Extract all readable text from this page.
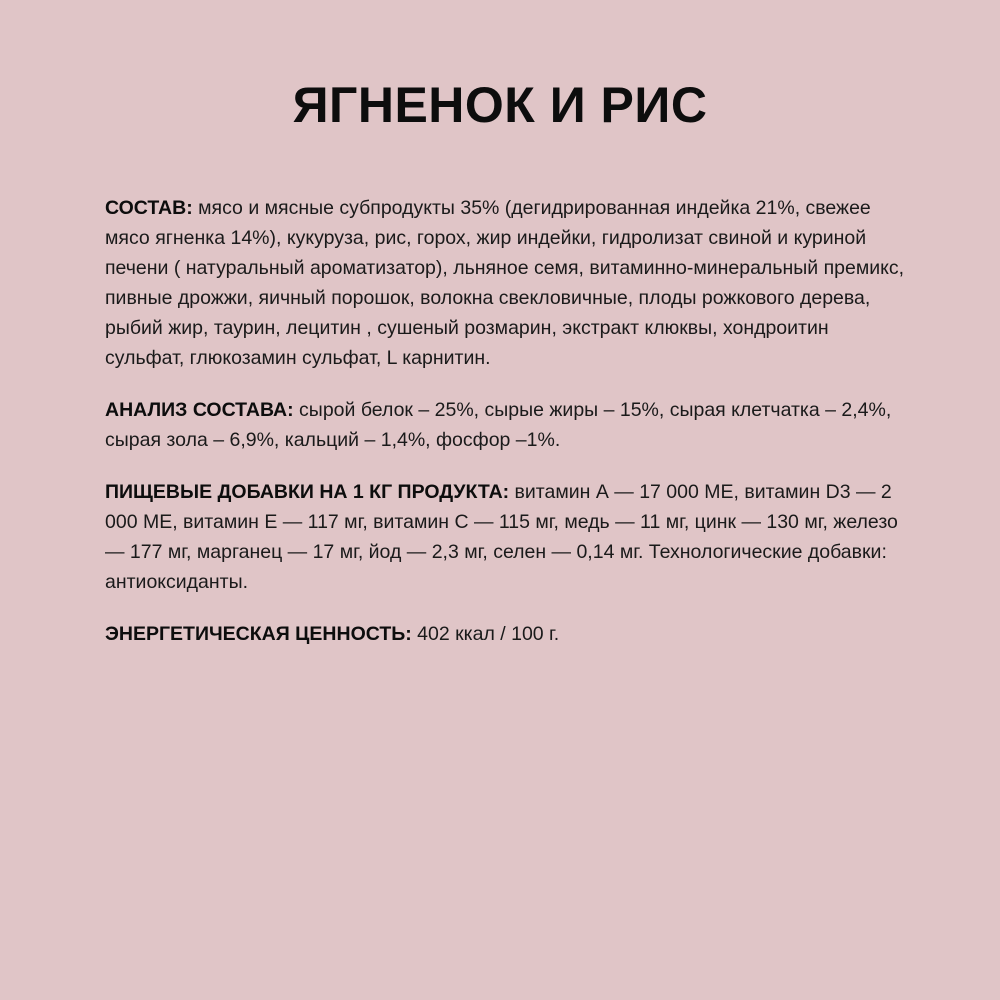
ЯГНЕНОК И РИС

СОСТАВ: мясо и мясные субпродукты 35% (дегидрированная индейка 21%, свежее мясо ягненка 14%), кукуруза, рис, горох, жир индейки, гидролизат свиной и куриной печени ( натуральный ароматизатор), льняное семя, витаминно-минеральный премикс, пивные дрожжи, яичный порошок, волокна свекловичные, плоды рожкового дерева, рыбий жир, таурин, лецитин , сушеный розмарин, экстракт клюквы, хондроитин сульфат, глюкозамин сульфат, L карнитин.

АНАЛИЗ СОСТАВА: сырой белок – 25%, сырые жиры – 15%, сырая клетчатка – 2,4%, сырая зола – 6,9%, кальций – 1,4%, фосфор –1%.

ПИЩЕВЫЕ ДОБАВКИ НА 1 КГ ПРОДУКТА: витамин А — 17 000 МЕ, витамин D3 — 2 000 МЕ, витамин Е — 117 мг, витамин С — 115 мг, медь — 11 мг, цинк — 130 мг, железо — 177 мг, марганец — 17 мг, йод — 2,3 мг, селен — 0,14 мг. Технологические добавки: антиоксиданты.

ЭНЕРГЕТИЧЕСКАЯ ЦЕННОСТЬ: 402 ккал / 100 г.
